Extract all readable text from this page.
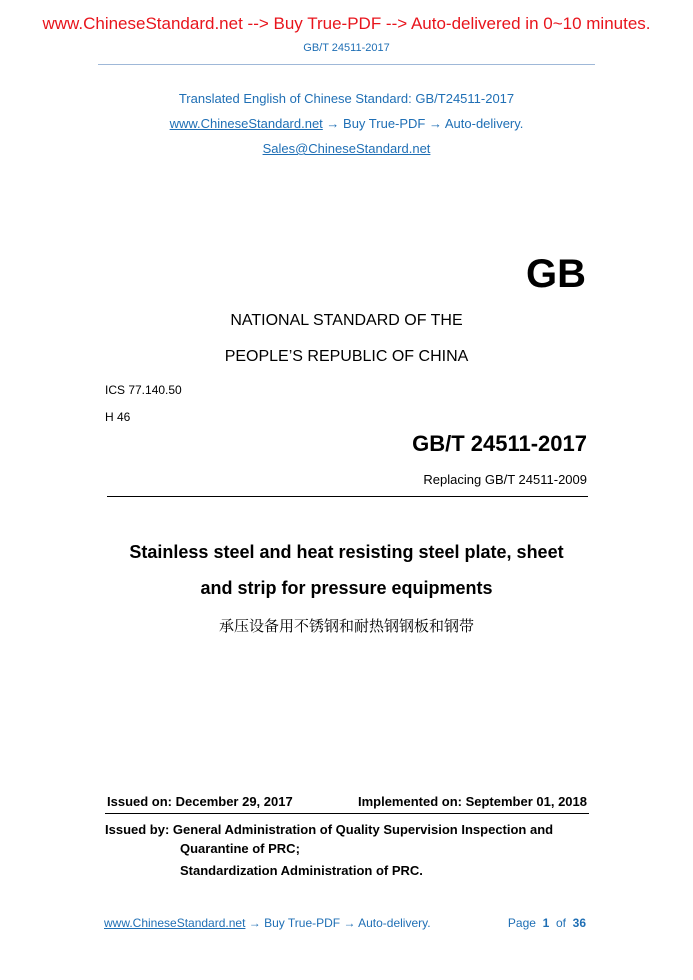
www.ChineseStandard.net --> Buy True-PDF --> Auto-delivered in 0~10 minutes.
GB/T 24511-2017
Translated English of Chinese Standard: GB/T24511-2017
www.ChineseStandard.net → Buy True-PDF → Auto-delivery.
Sales@ChineseStandard.net
GB
NATIONAL STANDARD OF THE
PEOPLE’S REPUBLIC OF CHINA
ICS 77.140.50
H 46
GB/T 24511-2017
Replacing GB/T 24511-2009
Stainless steel and heat resisting steel plate, sheet
and strip for pressure equipments
承压设备用不锈钢和耐热钢钢板和钢带
Issued on: December 29, 2017	Implemented on: September 01, 2018
Issued by: General Administration of Quality Supervision Inspection and
Quarantine of PRC;
Standardization Administration of PRC.
www.ChineseStandard.net → Buy True-PDF → Auto-delivery.	Page 1 of 36
